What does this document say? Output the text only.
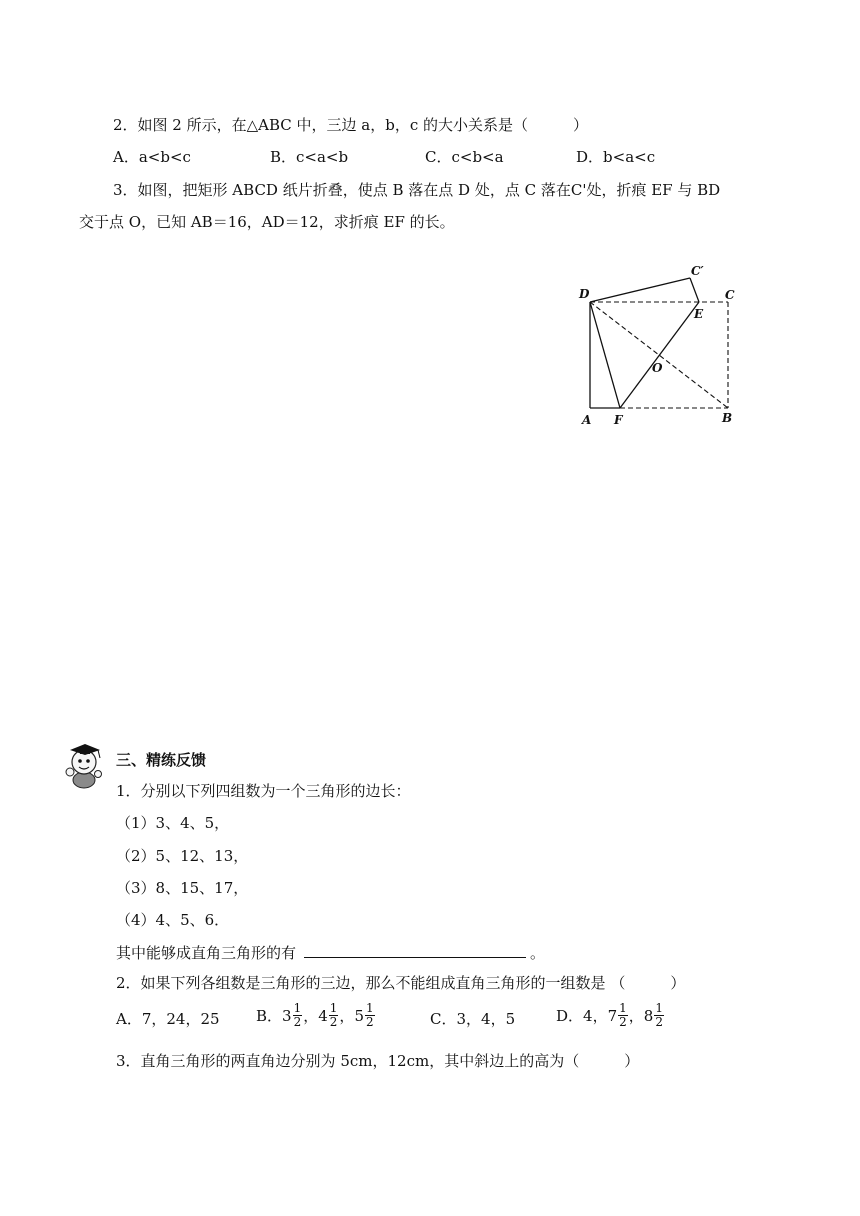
2．如图 2 所示，在△ABC 中，三边 a，b，c 的大小关系是（　　　）
A．a<b<c	B．c<a<b	C．c<b<a	D．b<a<c
3．如图，把矩形 ABCD 纸片折叠，使点 B 落在点 D 处，点 C 落在C'处，折痕 EF 与 BD
交于点 O，已知 AB＝16，AD＝12，求折痕 EF 的长。
D	C
C′
E
O
A F	B
三、精练反馈
1．分别以下列四组数为一个三角形的边长：
（1）3、4、5，
（2）5、12、13，
（3）8、15、17，
（4）4、5、6．
其中能够成直角三角形的有	。
2．如果下列各组数是三角形的三边，那么不能组成直角三角形的一组数是 （　　　）
A．7，24，25 B． $3 \frac{1}{2}$ ， $4 \frac{1}{2}$ ， $5 \frac{1}{2}$	C．3，4，5	D．4， $7 \frac{1}{2}$ ， $8 \frac{1}{2}$
3．直角三角形的两直角边分别为 5cm，12cm，其中斜边上的高为（　　　）
